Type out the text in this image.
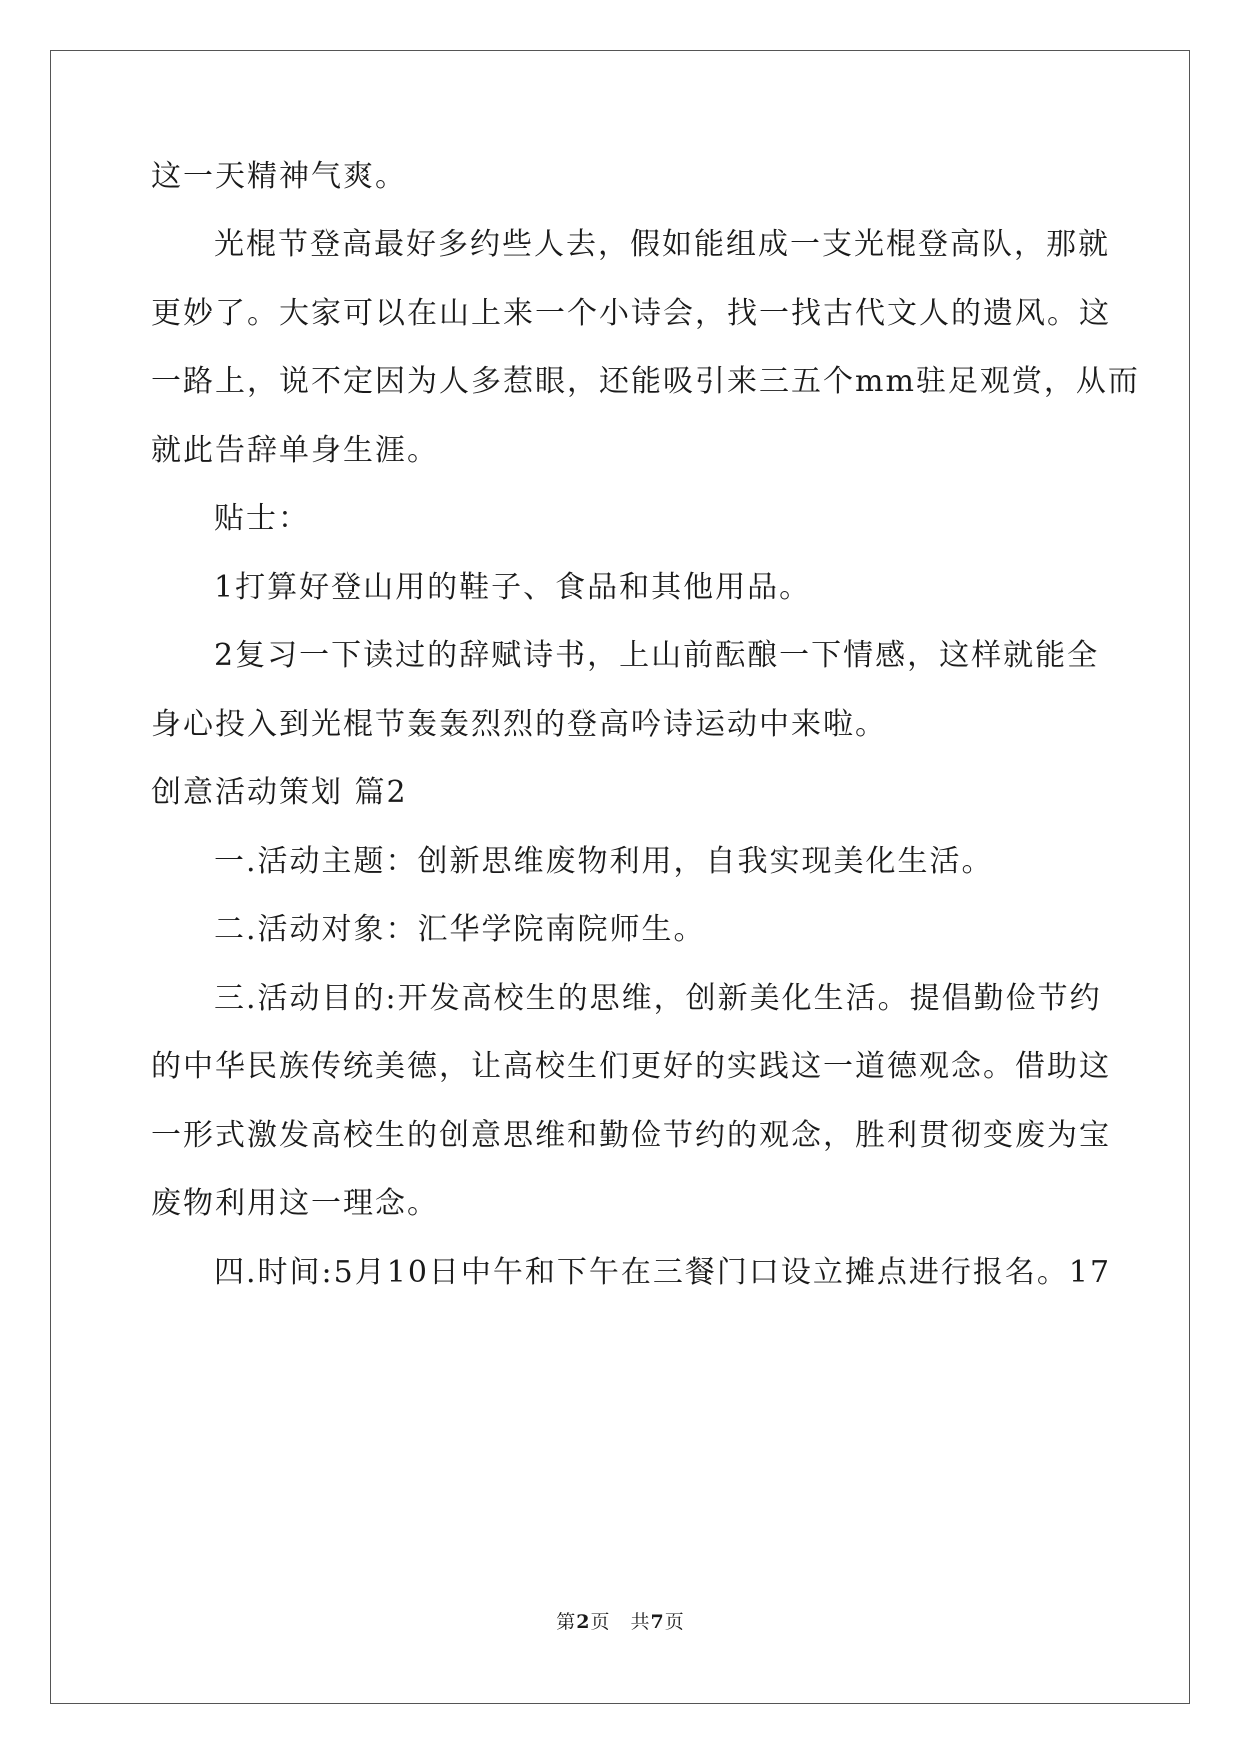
这一天精神气爽。
光棍节登高最好多约些人去，假如能组成一支光棍登高队，那就
更妙了。大家可以在山上来一个小诗会，找一找古代文人的遗风。这
一路上，说不定因为人多惹眼，还能吸引来三五个mm驻足观赏，从而
就此告辞单身生涯。
贴士：
1打算好登山用的鞋子、食品和其他用品。
2复习一下读过的辞赋诗书，上山前酝酿一下情感，这样就能全
身心投入到光棍节轰轰烈烈的登高吟诗运动中来啦。
创意活动策划 篇2
一.活动主题：创新思维废物利用，自我实现美化生活。
二.活动对象：汇华学院南院师生。
三.活动目的:开发高校生的思维，创新美化生活。提倡勤俭节约
的中华民族传统美德，让高校生们更好的实践这一道德观念。借助这
一形式激发高校生的创意思维和勤俭节约的观念，胜利贯彻变废为宝
废物利用这一理念。
四.时间:5月10日中午和下午在三餐门口设立摊点进行报名。17
第2页　共7页
